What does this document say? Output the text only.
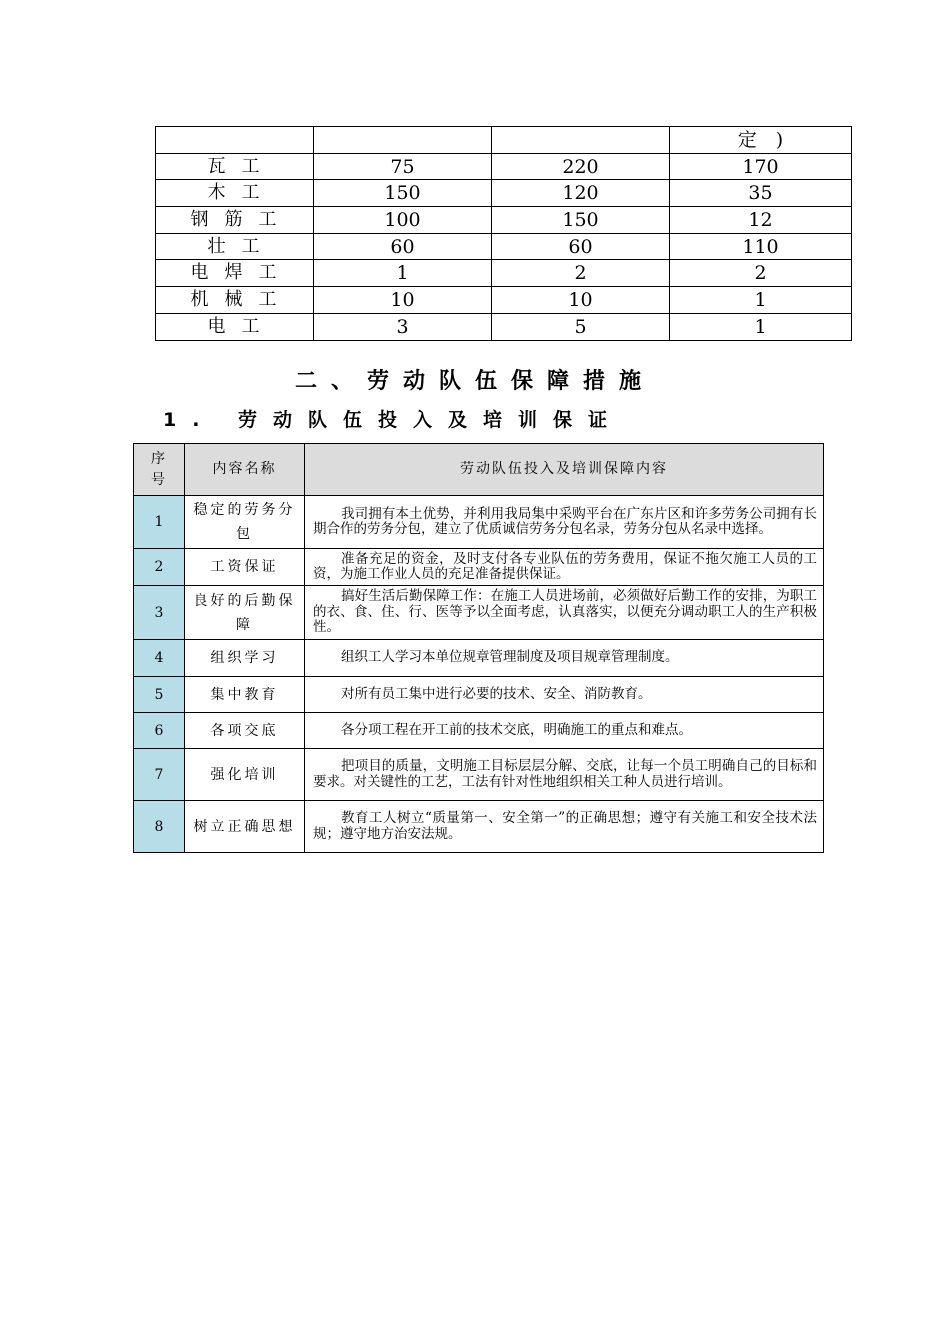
			定　)
瓦工	75	220	170
木工	150	120	35
钢筋工	100	150	12
壮工	60	60	110
电焊工	1	2	2
机械工	10	10	1
电工	3	5	1
二、劳动队伍保障措施
1. 劳动队伍投入及培训保证
序号	内容名称	劳动队伍投入及培训保障内容
1	稳定的劳务分包	我司拥有本土优势，并利用我局集中采购平台在广东片区和许多劳务公司拥有长期合作的劳务分包，建立了优质诚信劳务分包名录，劳务分包从名录中选择。

2	工资保证	准备充足的资金，及时支付各专业队伍的劳务费用，保证不拖欠施工人员的工资，为施工作业人员的充足准备提供保证。

3	良好的后勤保障	搞好生活后勤保障工作：在施工人员进场前，必须做好后勤工作的安排，为职工的衣、食、住、行、医等予以全面考虑，认真落实，以便充分调动职工人的生产积极性。

4	组织学习	组织工人学习本单位规章管理制度及项目规章管理制度。

5	集中教育	对所有员工集中进行必要的技术、安全、消防教育。

6	各项交底	各分项工程在开工前的技术交底，明确施工的重点和难点。

7	强化培训	把项目的质量，文明施工目标层层分解、交底，让每一个员工明确自己的目标和要求。对关键性的工艺，工法有针对性地组织相关工种人员进行培训。

8	树立正确思想	教育工人树立“质量第一、安全第一”的正确思想；遵守有关施工和安全技术法规；遵守地方治安法规。
